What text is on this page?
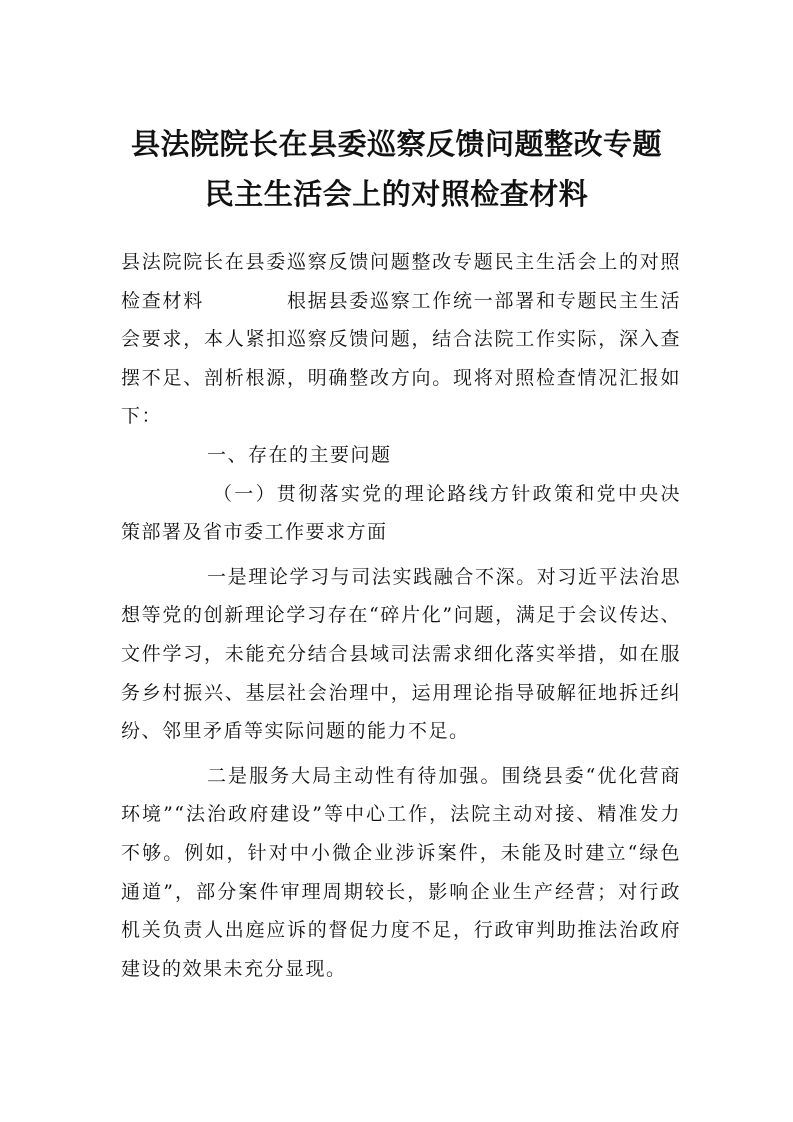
县法院院长在县委巡察反馈问题整改专题
民主生活会上的对照检查材料

县法院院长在县委巡察反馈问题整改专题民主生活会上的对照检查材料　　　　根据县委巡察工作统一部署和专题民主生活会要求，本人紧扣巡察反馈问题，结合法院工作实际，深入查摆不足、剖析根源，明确整改方向。现将对照检查情况汇报如下：

一、存在的主要问题

（一）贯彻落实党的理论路线方针政策和党中央决策部署及省市委工作要求方面

一是理论学习与司法实践融合不深。对习近平法治思想等党的创新理论学习存在“碎片化”问题，满足于会议传达、文件学习，未能充分结合县域司法需求细化落实举措，如在服务乡村振兴、基层社会治理中，运用理论指导破解征地拆迁纠纷、邻里矛盾等实际问题的能力不足。

二是服务大局主动性有待加强。围绕县委“优化营商环境”“法治政府建设”等中心工作，法院主动对接、精准发力不够。例如，针对中小微企业涉诉案件，未能及时建立“绿色通道”，部分案件审理周期较长，影响企业生产经营；对行政机关负责人出庭应诉的督促力度不足，行政审判助推法治政府建设的效果未充分显现。
